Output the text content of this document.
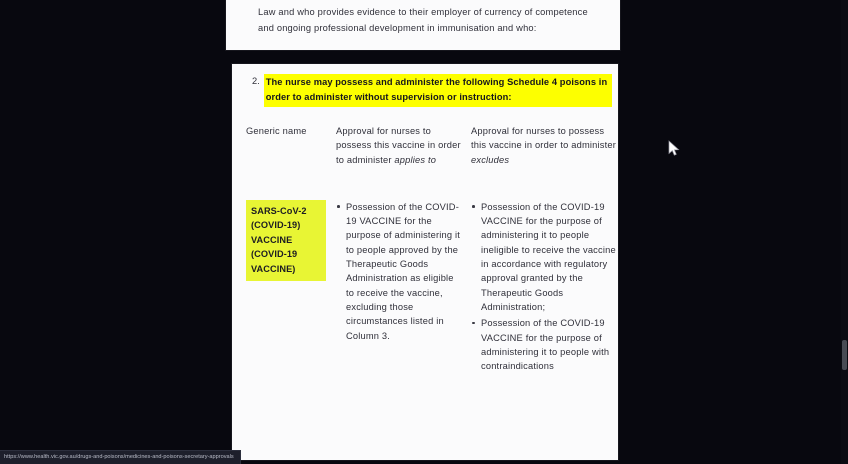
Law and who provides evidence to their employer of currency of competence and ongoing professional development in immunisation and who:
2. The nurse may possess and administer the following Schedule 4 poisons in order to administer without supervision or instruction:
Generic name	Approval for nurses to possess this vaccine in order to administer applies to
Approval for nurses to possess this vaccine in order to administer excludes
SARS-CoV-2 (COVID-19) VACCINE (COVID-19 VACCINE)
Possession of the COVID-19 VACCINE for the purpose of administering it to people approved by the Therapeutic Goods Administration as eligible to receive the vaccine, excluding those circumstances listed in Column 3.
Possession of the COVID-19 VACCINE for the purpose of administering it to people ineligible to receive the vaccine in accordance with regulatory approval granted by the Therapeutic Goods Administration;
Possession of the COVID-19 VACCINE for the purpose of administering it to people with contraindications
https://www.health.vic.gov.au/drugs-and-poisons/medicines-and-poisons-secretary-approvals
